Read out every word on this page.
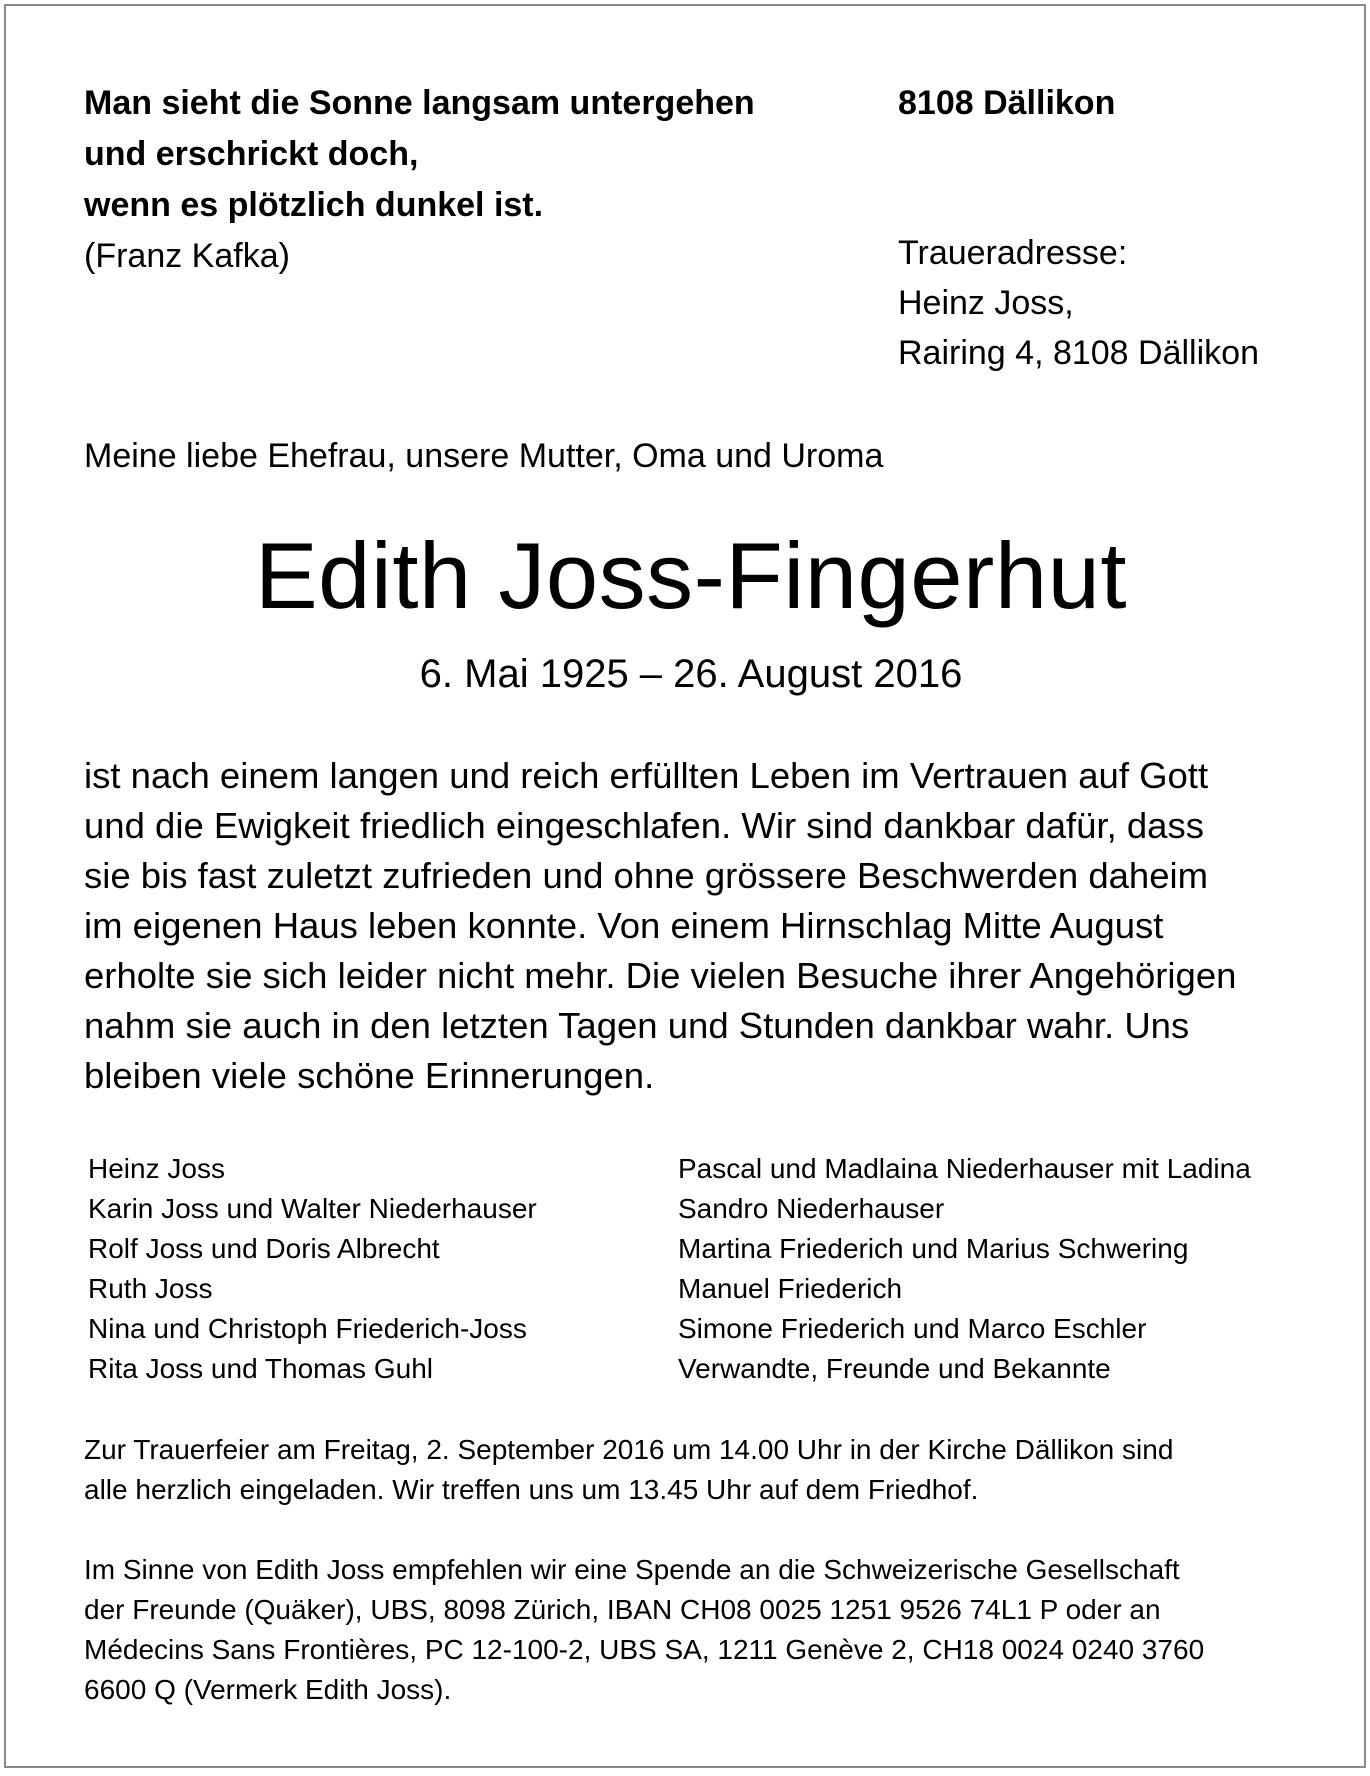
Man sieht die Sonne langsam untergehen
und erschrickt doch,
wenn es plötzlich dunkel ist.
(Franz Kafka)
8108 Dällikon
Traueradresse:
Heinz Joss,
Rairing 4, 8108 Dällikon
Meine liebe Ehefrau, unsere Mutter, Oma und Uroma
Edith Joss-Fingerhut
6. Mai 1925 – 26. August 2016
ist nach einem langen und reich erfüllten Leben im Vertrauen auf Gott
und die Ewigkeit friedlich eingeschlafen. Wir sind dankbar dafür, dass
sie bis fast zuletzt zufrieden und ohne grössere Beschwerden daheim
im eigenen Haus leben konnte. Von einem Hirnschlag Mitte August
erholte sie sich leider nicht mehr. Die vielen Besuche ihrer Angehörigen
nahm sie auch in den letzten Tagen und Stunden dankbar wahr. Uns
bleiben viele schöne Erinnerungen.
Heinz Joss
Karin Joss und Walter Niederhauser
Rolf Joss und Doris Albrecht
Ruth Joss
Nina und Christoph Friederich-Joss
Rita Joss und Thomas Guhl
Pascal und Madlaina Niederhauser mit Ladina
Sandro Niederhauser
Martina Friederich und Marius Schwering
Manuel Friederich
Simone Friederich und Marco Eschler
Verwandte, Freunde und Bekannte
Zur Trauerfeier am Freitag, 2. September 2016 um 14.00 Uhr in der Kirche Dällikon sind
alle herzlich eingeladen. Wir treffen uns um 13.45 Uhr auf dem Friedhof.
Im Sinne von Edith Joss empfehlen wir eine Spende an die Schweizerische Gesellschaft
der Freunde (Quäker), UBS, 8098 Zürich, IBAN CH08 0025 1251 9526 74L1 P oder an
Médecins Sans Frontières, PC 12-100-2, UBS SA, 1211 Genève 2, CH18 0024 0240 3760
6600 Q (Vermerk Edith Joss).
